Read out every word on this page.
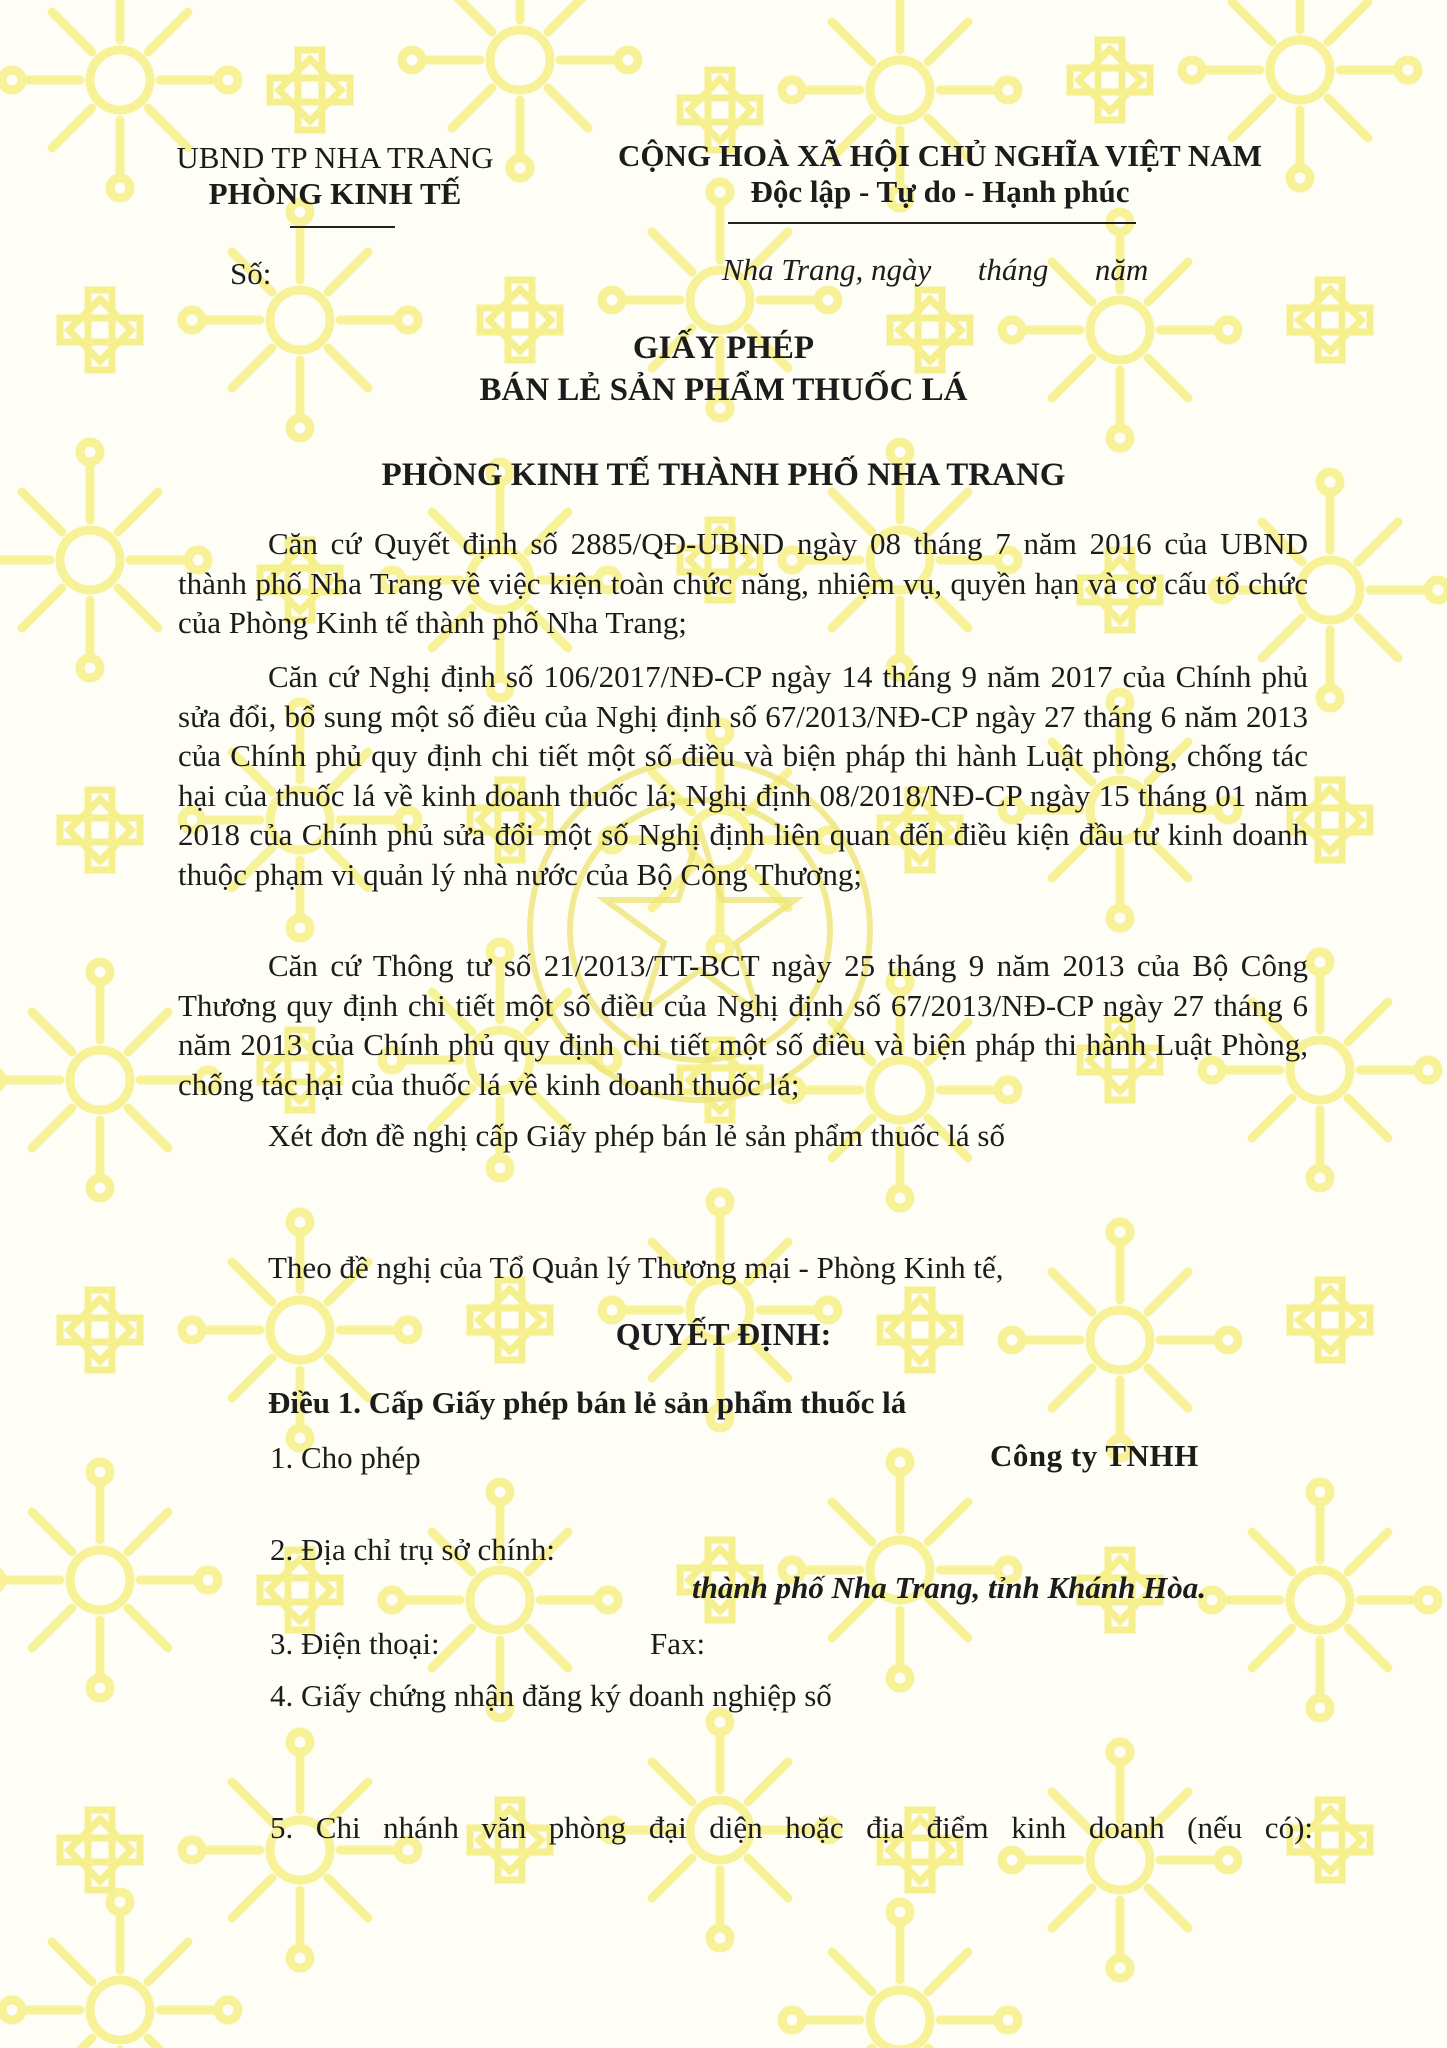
UBND TP NHA TRANG
PHÒNG KINH TẾ
CỘNG HOÀ XÃ HỘI CHỦ NGHĨA VIỆT NAM
Độc lập - Tự do - Hạnh phúc
Số:	Nha Trang, ngày      tháng      năm
GIẤY PHÉP
BÁN LẺ SẢN PHẨM THUỐC LÁ
PHÒNG KINH TẾ THÀNH PHỐ NHA TRANG
Căn cứ Quyết định số 2885/QĐ-UBND ngày 08 tháng 7 năm 2016 của UBND thành phố Nha Trang về việc kiện toàn chức năng, nhiệm vụ, quyền hạn và cơ cấu tổ chức của Phòng Kinh tế thành phố Nha Trang;
Căn cứ Nghị định số 106/2017/NĐ-CP ngày 14 tháng 9 năm 2017 của Chính phủ sửa đổi, bổ sung một số điều của Nghị định số 67/2013/NĐ-CP ngày 27 tháng 6 năm 2013 của Chính phủ quy định chi tiết một số điều và biện pháp thi hành Luật phòng, chống tác hại của thuốc lá về kinh doanh thuốc lá; Nghị định 08/2018/NĐ-CP ngày 15 tháng 01 năm 2018 của Chính phủ sửa đổi một số Nghị định liên quan đến điều kiện đầu tư kinh doanh thuộc phạm vi quản lý nhà nước của Bộ Công Thương;
Căn cứ Thông tư số 21/2013/TT-BCT ngày 25 tháng 9 năm 2013 của Bộ Công Thương quy định chi tiết một số điều của Nghị định số 67/2013/NĐ-CP ngày 27 tháng 6 năm 2013 của Chính phủ quy định chi tiết một số điều và biện pháp thi hành Luật Phòng, chống tác hại của thuốc lá về kinh doanh thuốc lá;
Xét đơn đề nghị cấp Giấy phép bán lẻ sản phẩm thuốc lá số
Theo đề nghị của Tổ Quản lý Thương mại - Phòng Kinh tế,
QUYẾT ĐỊNH:
Điều 1. Cấp Giấy phép bán lẻ sản phẩm thuốc lá
1. Cho phép	Công ty TNHH
2. Địa chỉ trụ sở chính:
thành phố Nha Trang, tỉnh Khánh Hòa.
3. Điện thoại:	Fax:
4. Giấy chứng nhận đăng ký doanh nghiệp số
5. Chi nhánh văn phòng đại diện hoặc địa điểm kinh doanh (nếu có):
